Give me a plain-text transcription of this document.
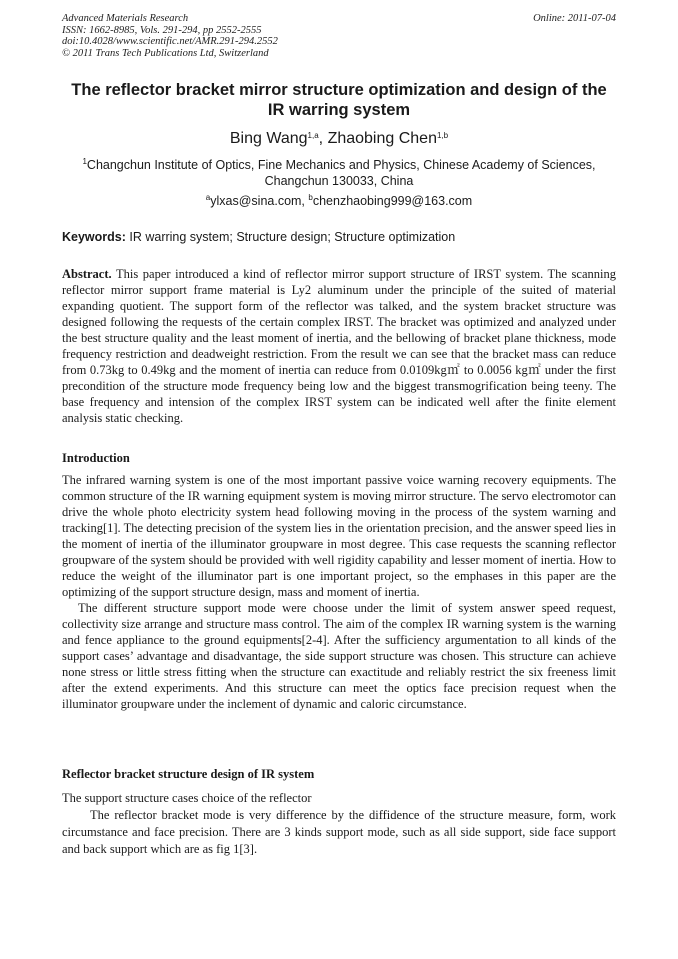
Advanced Materials Research	Online: 2011-07-04
ISSN: 1662-8985, Vols. 291-294, pp 2552-2555
doi:10.4028/www.scientific.net/AMR.291-294.2552
© 2011 Trans Tech Publications Ltd, Switzerland
The reflector bracket mirror structure optimization and design of the IR warring system
Bing Wang$^{1,a}$, Zhaobing Chen$^{1,b}$
$^1$Changchun Institute of Optics, Fine Mechanics and Physics, Chinese Academy of Sciences, Changchun 130033, China
$^a$ylxas@sina.com, $^b$chenzhaobing999@163.com
Keywords: IR warring system; Structure design; Structure optimization
Abstract. This paper introduced a kind of reflector mirror support structure of IRST system. The scanning reflector mirror support frame material is Ly2 aluminum under the principle of the suited of material expanding quotient. The support form of the reflector was talked, and the system bracket structure was designed following the requests of the certain complex IRST. The bracket was optimized and analyzed under the best structure quality and the least moment of inertia, and the bellowing of bracket plane thickness, mode frequency restriction and deadweight restriction. From the result we can see that the bracket mass can reduce from 0.73kg to 0.49kg and the moment of inertia can reduce from 0.0109kg㎡ to 0.0056 kg㎡ under the first precondition of the structure mode frequency being low and the biggest transmogrification being teeny. The base frequency and intension of the complex IRST system can be indicated well after the finite element analysis static checking.
Introduction

The infrared warning system is one of the most important passive voice warning recovery equipments. The common structure of the IR warning equipment system is moving mirror structure. The servo electromotor can drive the whole photo electricity system head following moving in the process of the system warning and tracking[1]. The detecting precision of the system lies in the orientation precision, and the answer speed lies in the moment of inertia of the illuminator groupware in most degree. This case requests the scanning reflector groupware of the system should be provided with well rigidity capability and lesser moment of inertia. How to reduce the weight of the illuminator part is one important project, so the emphases in this paper are the optimizing of the support structure design, mass and moment of inertia.

The different structure support mode were choose under the limit of system answer speed request, collectivity size arrange and structure mass control. The aim of the complex IR warning system is the warning and fence appliance to the ground equipments[2-4]. After the sufficiency argumentation to all kinds of the support cases’ advantage and disadvantage, the side support structure was chosen. This structure can achieve none stress or little stress fitting when the structure can exactitude and reliably restrict the six freeness limit after the extend experiments. And this structure can meet the optics face precision request when the illuminator groupware under the inclement of dynamic and caloric circumstance.

Reflector bracket structure design of IR system

The support structure cases choice of the reflector

The reflector bracket mode is very difference by the diffidence of the structure measure, form, work circumstance and face precision. There are 3 kinds support mode, such as all side support, side face support and back support which are as fig 1[3].
